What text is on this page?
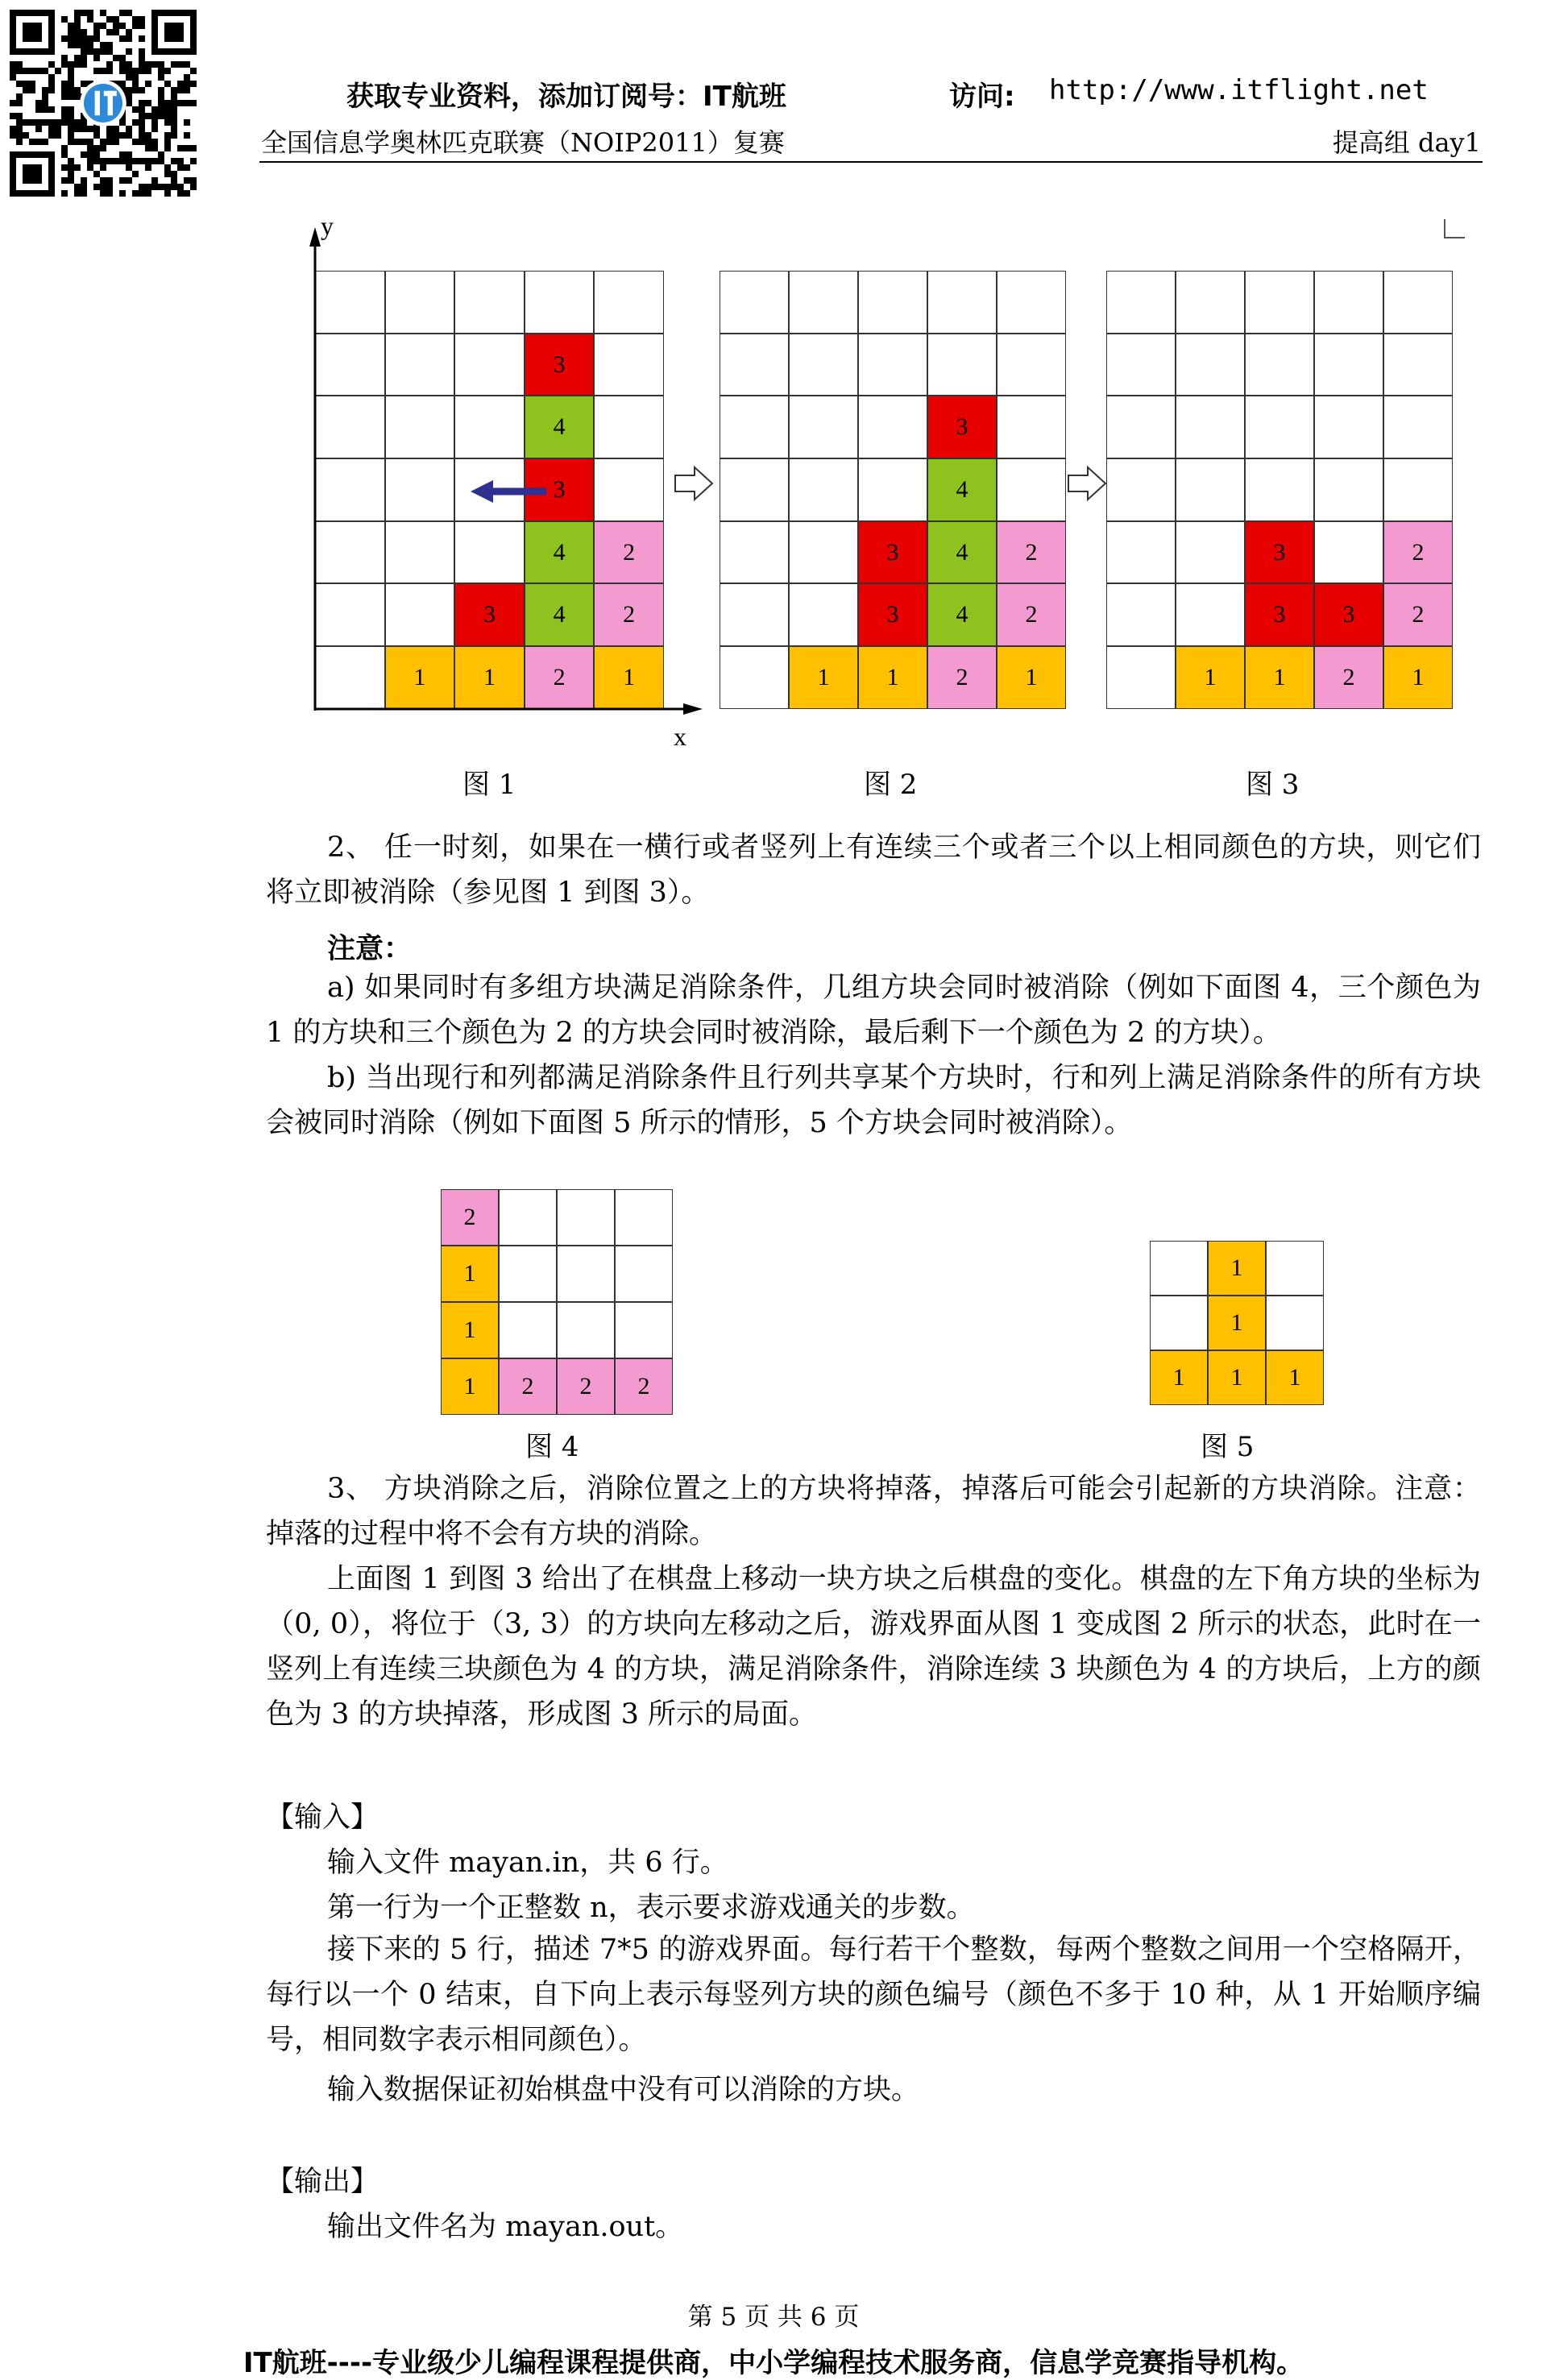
获取专业资料，添加订阅号：IT航班	访问: http://www.itflight.net
全国信息学奥林匹克联赛（NOIP2011）复赛	提高组 day1
3
4
3
4	2
3	4	2
1	1	2	1
3
4
3	4	2
3	4	2
1	1	2	1
3	2
3	3	2
1	1	2	1
2
1
1
1	2	2	2
1
1
1	1	1
y
x
图 1	图 2	图 3
图 4	图 5

2、 任一时刻，如果在一横行或者竖列上有连续三个或者三个以上相同颜色的方块，则它们将立即被消除（参见图 1 到图 3）。

注意：

a) 如果同时有多组方块满足消除条件，几组方块会同时被消除（例如下面图 4，三个颜色为 1 的方块和三个颜色为 2 的方块会同时被消除，最后剩下一个颜色为 2 的方块）。

b) 当出现行和列都满足消除条件且行列共享某个方块时，行和列上满足消除条件的所有方块会被同时消除（例如下面图 5 所示的情形，5 个方块会同时被消除）。

3、 方块消除之后，消除位置之上的方块将掉落，掉落后可能会引起新的方块消除。注意：掉落的过程中将不会有方块的消除。

上面图 1 到图 3 给出了在棋盘上移动一块方块之后棋盘的变化。棋盘的左下角方块的坐标为（0, 0），将位于（3, 3）的方块向左移动之后，游戏界面从图 1 变成图 2 所示的状态，此时在一竖列上有连续三块颜色为 4 的方块，满足消除条件，消除连续 3 块颜色为 4 的方块后，上方的颜色为 3 的方块掉落，形成图 3 所示的局面。

【输入】
输入文件 mayan.in，共 6 行。
第一行为一个正整数 n，表示要求游戏通关的步数。

接下来的 5 行，描述 7*5 的游戏界面。每行若干个整数，每两个整数之间用一个空格隔开，每行以一个 0 结束，自下向上表示每竖列方块的颜色编号（颜色不多于 10 种，从 1 开始顺序编号，相同数字表示相同颜色）。

输入数据保证初始棋盘中没有可以消除的方块。
【输出】
输出文件名为 mayan.out。
第 5 页 共 6 页
IT航班----专业级少儿编程课程提供商，中小学编程技术服务商，信息学竞赛指导机构。
